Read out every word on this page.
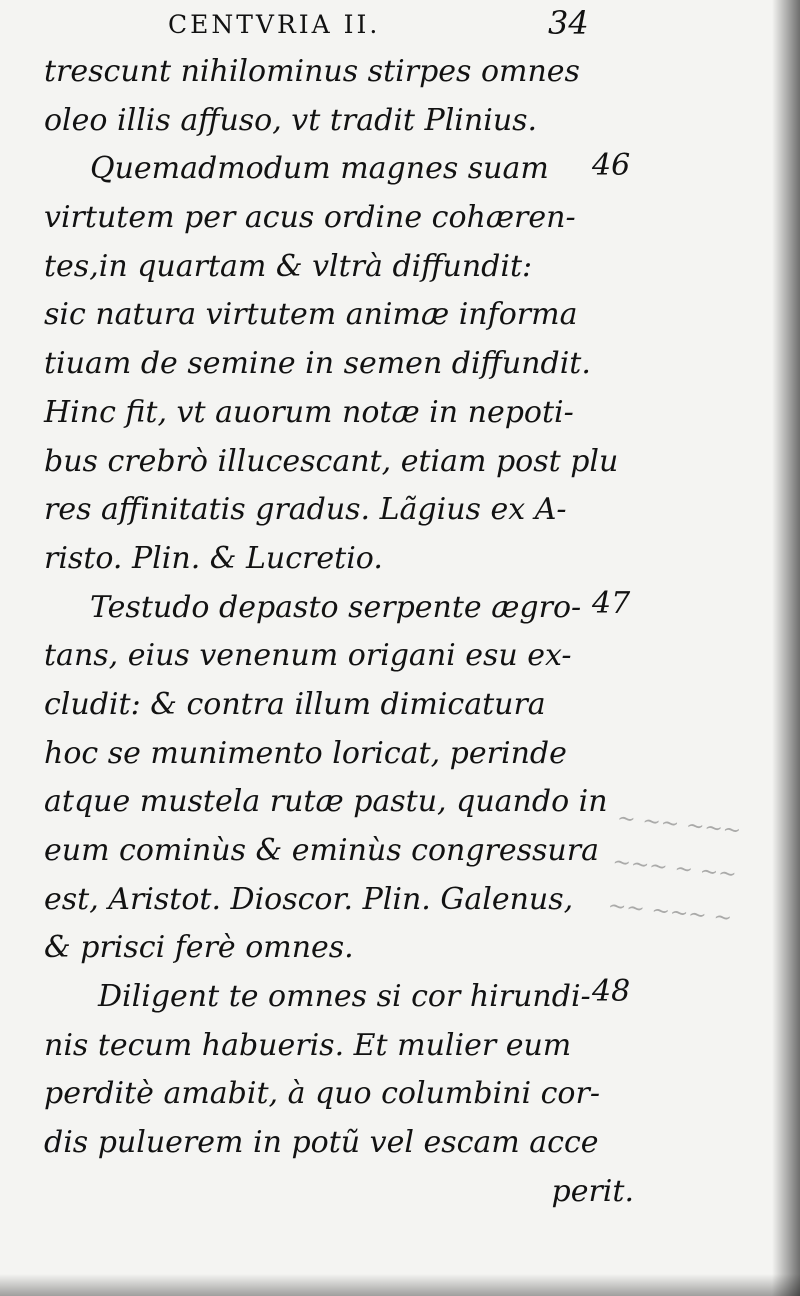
CENTVRIA II.	34
trescunt nihilominus stirpes omnes
oleo illis affuso, vt tradit Plinius.
Quemadmodum magnes suam
virtutem per acus ordine cohæren-
tes,in quartam & vltrà diffundit:
sic natura virtutem animæ informa
tiuam de semine in semen diffundit.
Hinc fit, vt auorum notæ in nepoti-
bus crebrò illucescant, etiam post plu
res affinitatis gradus. Lãgius ex A-
risto. Plin. & Lucretio.
Testudo depasto serpente ægro-
tans, eius venenum origani esu ex-
cludit: & contra illum dimicatura
hoc se munimento loricat, perinde
atque mustela rutæ pastu, quando in
eum cominùs & eminùs congressura
est, Aristot. Dioscor. Plin. Galenus,
& prisci ferè omnes.
Diligent te omnes si cor hirundi-
nis tecum habueris. Et mulier eum
perditè amabit, à quo columbini cor-
dis puluerem in potũ vel escam acce
perit.
46
47
48
~ ~~ ~~~
~~~ ~ ~~
~~ ~~~ ~
